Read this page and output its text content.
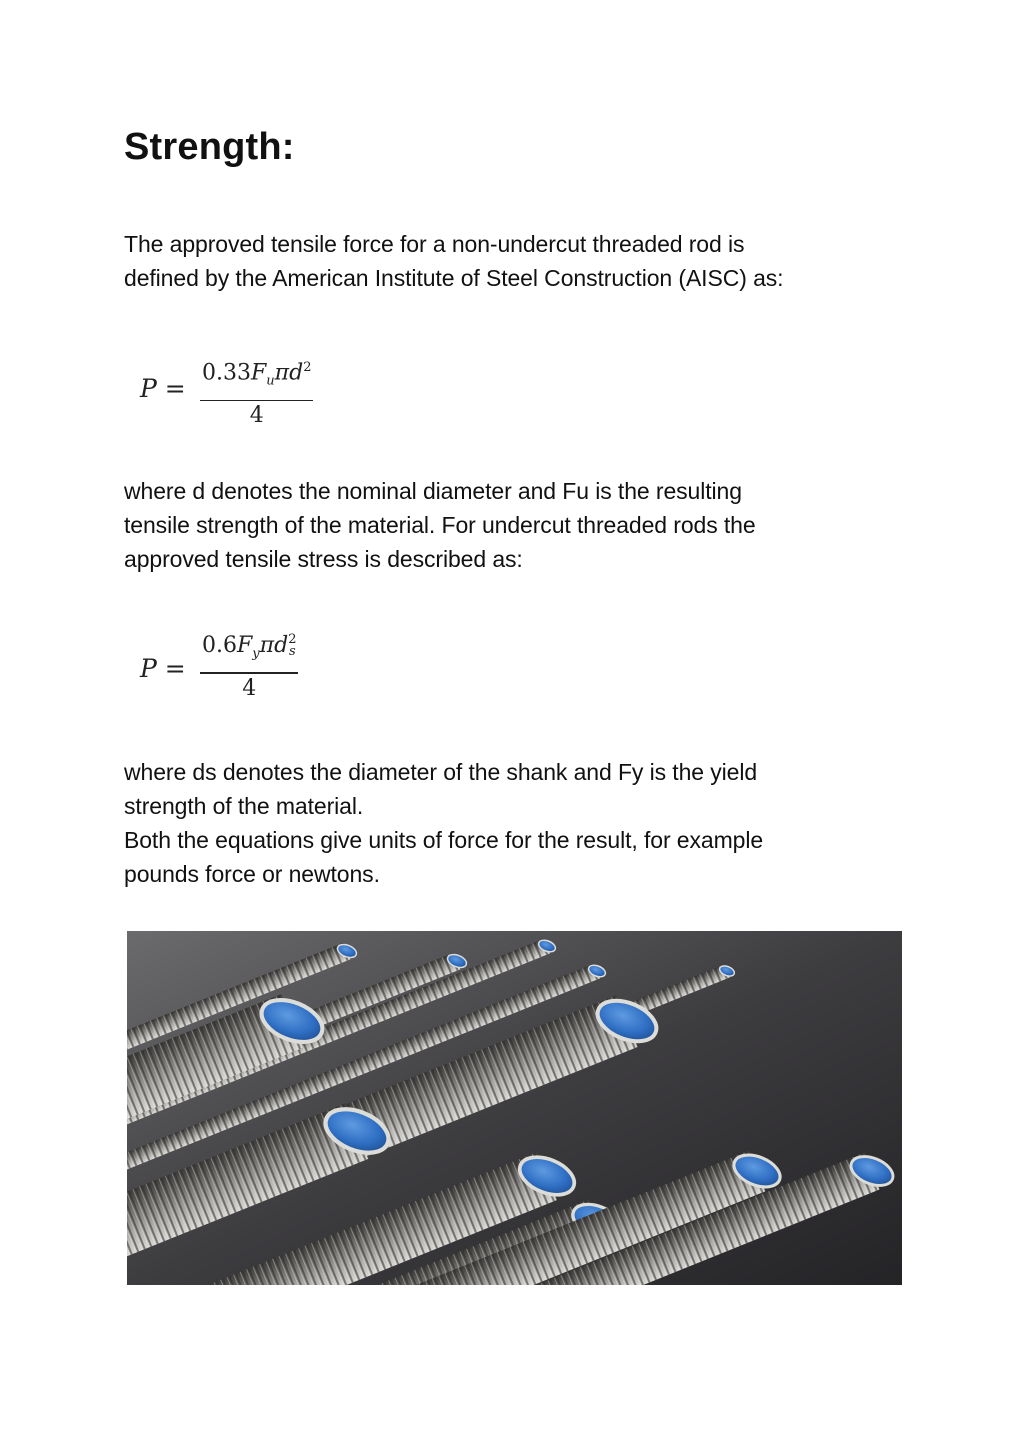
Strength:

The approved tensile force for a non-undercut threaded rod is
defined by the American Institute of Steel Construction (AISC) as:

P =
$0.33F_u\pi d^2$
4

where d denotes the nominal diameter and Fu is the resulting
tensile strength of the material. For undercut threaded rods the
approved tensile stress is described as:

P =
$0.6F_y\pi d$ 2
s
4

where ds denotes the diameter of the shank and Fy is the yield
strength of the material.
Both the equations give units of force for the result, for example
pounds force or newtons.
